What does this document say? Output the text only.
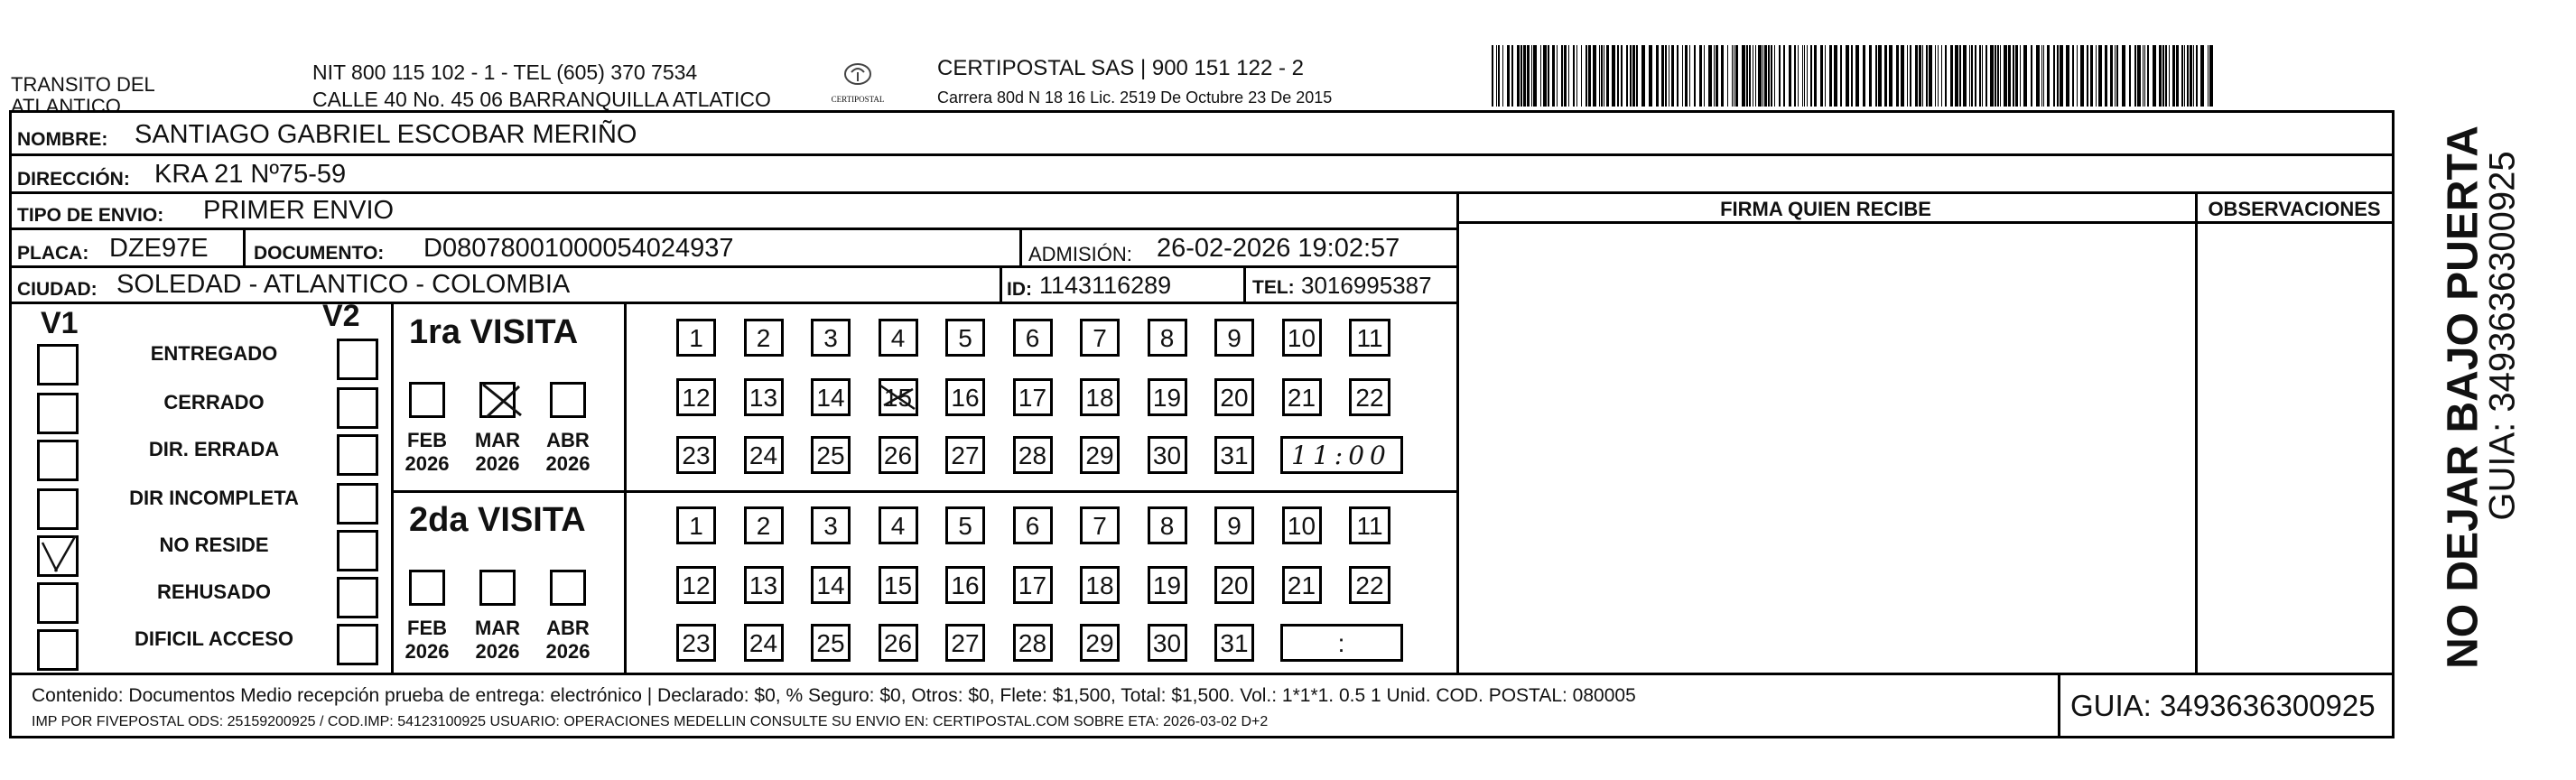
TRANSITO DEL
ATLANTICO
NIT 800 115 102 - 1 - TEL (605) 370 7534
CALLE 40 No. 45 06 BARRANQUILLA ATLATICO	CERTIPOSTAL
CERTIPOSTAL SAS | 900 151 122 - 2
Carrera 80d N 18 16 Lic. 2519 De Octubre 23 De 2015
NOMBRE: SANTIAGO GABRIEL ESCOBAR MERIÑO
DIRECCIÓN: KRA 21 Nº75-59
TIPO DE ENVIO: PRIMER ENVIO
PLACA: DZE97E DOCUMENTO: D08078001000054024937	ADMISIÓN: 26-02-2026 19:02:57
CIUDAD: SOLEDAD - ATLANTICO - COLOMBIA	ID: 1143116289	TEL: 3016995387
FIRMA QUIEN RECIBE	OBSERVACIONES
V1	V2 1ra VISITA
2da VISITA
ENTREGADO
CERRADO
DIR. ERRADA
DIR INCOMPLETA
NO RESIDE
REHUSADO
DIFICIL ACCESO
FEB
2026
MAR
2026
ABR
2026
1	2	3	4	5	6	7	8	9	10	11
12 13 14 15 16 17 18 19 20 21 22
23 24 25 26 27 28 29 30 31	11:00
FEB
2026
MAR
2026
ABR
2026
1	2	3	4	5	6	7	8	9	10	11
12 13 14 15 16 17 18 19 20 21 22
23 24 25 26 27 28 29 30 31	:
Contenido: Documentos Medio recepción prueba de entrega: electrónico | Declarado: $0, % Seguro: $0, Otros: $0, Flete: $1,500, Total: $1,500. Vol.: 1*1*1. 0.5 1 Unid. COD. POSTAL: 080005
IMP POR FIVEPOSTAL ODS: 25159200925 / COD.IMP: 54123100925 USUARIO: OPERACIONES MEDELLIN CONSULTE SU ENVIO EN: CERTIPOSTAL.COM SOBRE ETA: 2026-03-02 D+2	GUIA: 3493636300925
NO DEJAR BAJO PUERTA
GUIA: 3493636300925
